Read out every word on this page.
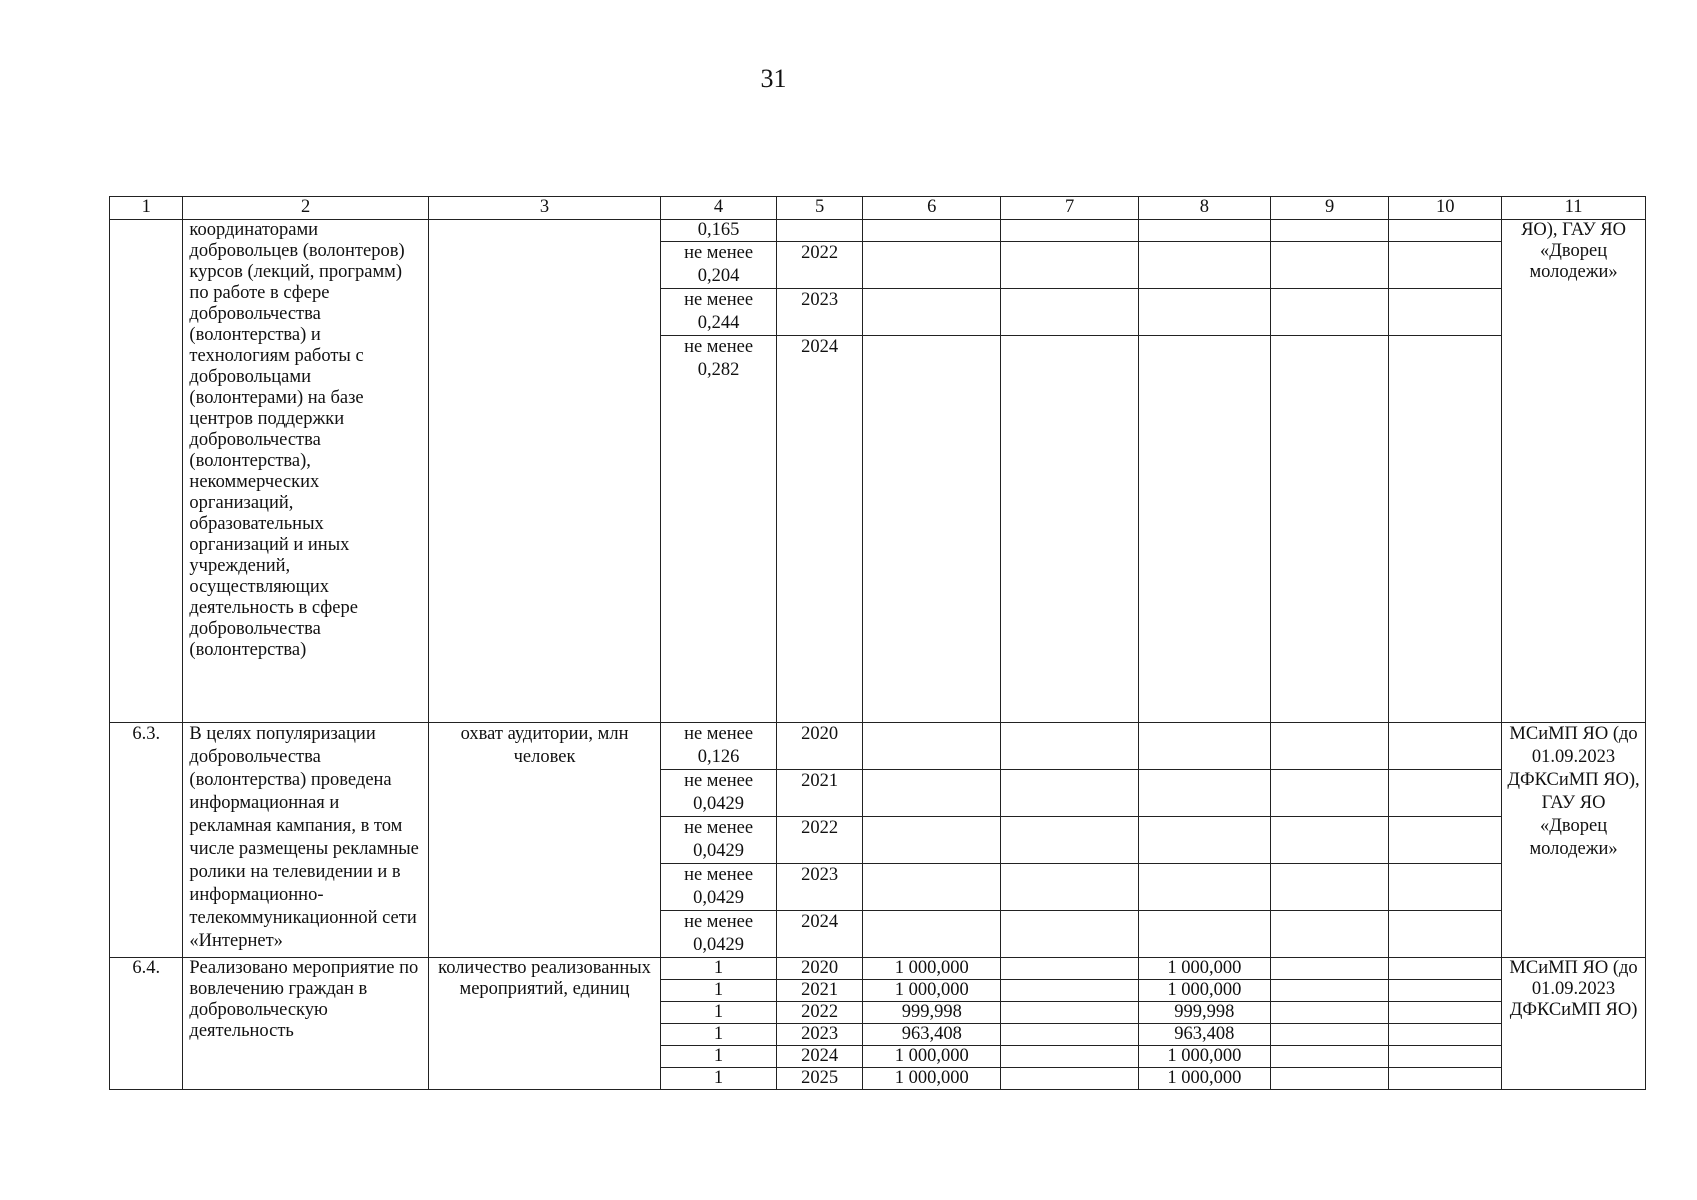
31
1	2	3	4	5	6	7	8	9	10	11
	координаторами добровольцев (волонтеров) курсов (лекций, программ) по работе в сфере добровольчества (волонтерства) и технологиям работы с добровольцами (волонтерами) на базе центров поддержки добровольчества (волонтерства), некоммерческих организаций, образовательных организаций и иных учреждений, осуществляющих деятельность в сфере добровольчества (волонтерства)		0,165							ЯО), ГАУ ЯО «Дворец молодежи»
			не менее 0,204	2022						
			не менее 0,244	2023						
			не менее 0,282	2024						
6.3.	В целях популяризации добровольчества (волонтерства) проведена информационная и рекламная кампания, в том числе размещены рекламные ролики на телевидении и в информационно-телекоммуникационной сети «Интернет»	охват аудитории, млн человек	не менее 0,126	2020						МСиМП ЯО (до 01.09.2023 ДФКСиМП ЯО), ГАУ ЯО «Дворец молодежи»
			не менее 0,0429	2021						
			не менее 0,0429	2022						
			не менее 0,0429	2023						
			не менее 0,0429	2024						
6.4.	Реализовано мероприятие по вовлечению граждан в добровольческую деятельность	количество реализованных мероприятий, единиц	1	2020	1 000,000		1 000,000			МСиМП ЯО (до 01.09.2023 ДФКСиМП ЯО)
			1	2021	1 000,000		1 000,000			
			1	2022	999,998		999,998			
			1	2023	963,408		963,408			
			1	2024	1 000,000		1 000,000			
			1	2025	1 000,000		1 000,000			
